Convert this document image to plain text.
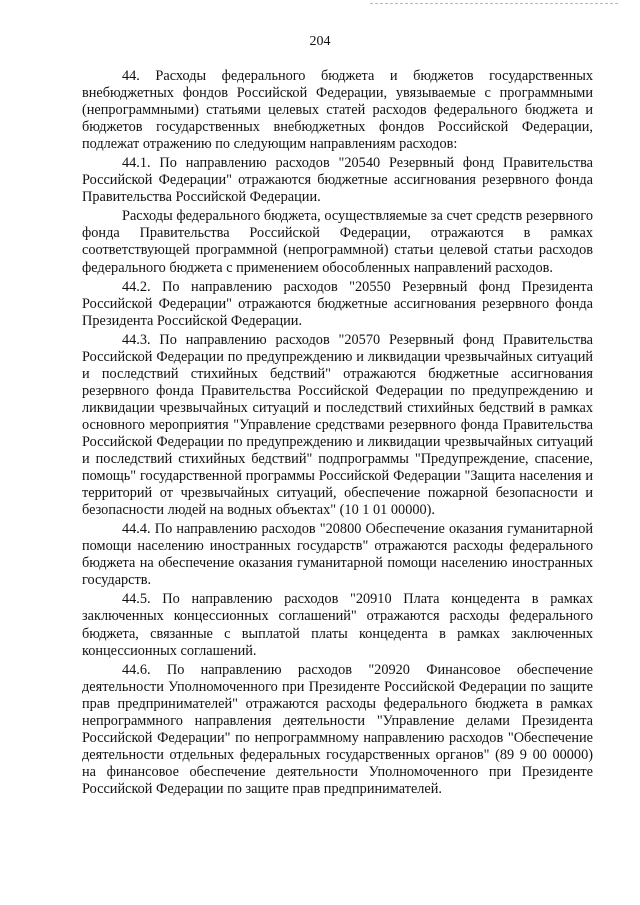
204

44. Расходы федерального бюджета и бюджетов государственных внебюджетных фондов Российской Федерации, увязываемые с программными (непрограммными) статьями целевых статей расходов федерального бюджета и бюджетов государственных внебюджетных фондов Российской Федерации, подлежат отражению по следующим направлениям расходов:

44.1. По направлению расходов "20540 Резервный фонд Правительства Российской Федерации" отражаются бюджетные ассигнования резервного фонда Правительства Российской Федерации.

Расходы федерального бюджета, осуществляемые за счет средств резервного фонда Правительства Российской Федерации, отражаются в рамках соответствующей программной (непрограммной) статьи целевой статьи расходов федерального бюджета с применением обособленных направлений расходов.

44.2. По направлению расходов "20550 Резервный фонд Президента Российской Федерации" отражаются бюджетные ассигнования резервного фонда Президента Российской Федерации.

44.3. По направлению расходов "20570 Резервный фонд Правительства Российской Федерации по предупреждению и ликвидации чрезвычайных ситуаций и последствий стихийных бедствий" отражаются бюджетные ассигнования резервного фонда Правительства Российской Федерации по предупреждению и ликвидации чрезвычайных ситуаций и последствий стихийных бедствий в рамках основного мероприятия "Управление средствами резервного фонда Правительства Российской Федерации по предупреждению и ликвидации чрезвычайных ситуаций и последствий стихийных бедствий" подпрограммы "Предупреждение, спасение, помощь" государственной программы Российской Федерации "Защита населения и территорий от чрезвычайных ситуаций, обеспечение пожарной безопасности и безопасности людей на водных объектах" (10 1 01 00000).

44.4. По направлению расходов "20800 Обеспечение оказания гуманитарной помощи населению иностранных государств" отражаются расходы федерального бюджета на обеспечение оказания гуманитарной помощи населению иностранных государств.

44.5. По направлению расходов "20910 Плата концедента в рамках заключенных концессионных соглашений" отражаются расходы федерального бюджета, связанные с выплатой платы концедента в рамках заключенных концессионных соглашений.

44.6. По направлению расходов "20920 Финансовое обеспечение деятельности Уполномоченного при Президенте Российской Федерации по защите прав предпринимателей" отражаются расходы федерального бюджета в рамках непрограммного направления деятельности "Управление делами Президента Российской Федерации" по непрограммному направлению расходов "Обеспечение деятельности отдельных федеральных государственных органов" (89 9 00 00000) на финансовое обеспечение деятельности Уполномоченного при Президенте Российской Федерации по защите прав предпринимателей.
